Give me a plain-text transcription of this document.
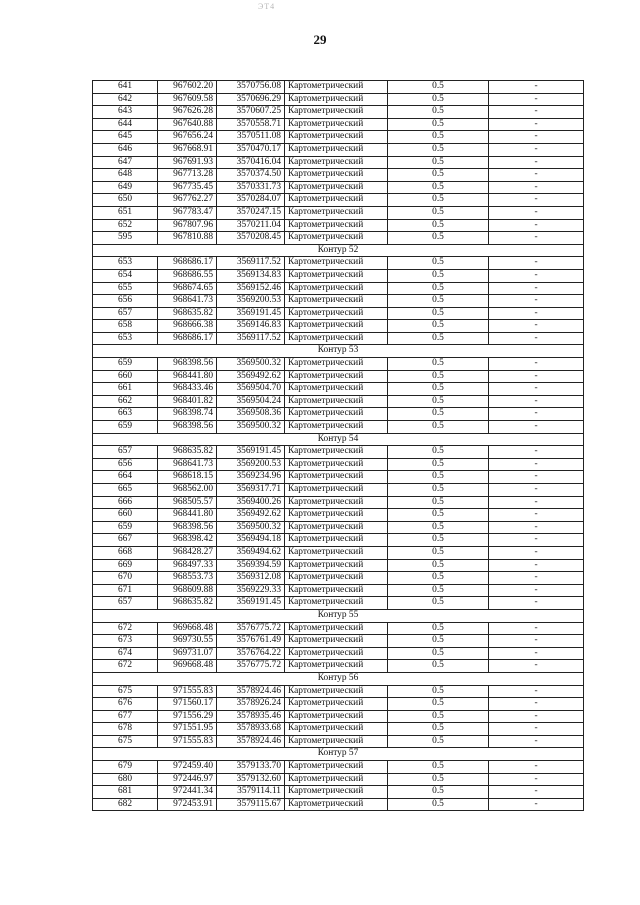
ЭТ4
29
641	967602.20	3570756.08	Картометрический	0.5	-
642	967609.58	3570696.29	Картометрический	0.5	-
643	967626.28	3570607.25	Картометрический	0.5	-
644	967640.88	3570558.71	Картометрический	0.5	-
645	967656.24	3570511.08	Картометрический	0.5	-
646	967668.91	3570470.17	Картометрический	0.5	-
647	967691.93	3570416.04	Картометрический	0.5	-
648	967713.28	3570374.50	Картометрический	0.5	-
649	967735.45	3570331.73	Картометрический	0.5	-
650	967762.27	3570284.07	Картометрический	0.5	-
651	967783.47	3570247.15	Картометрический	0.5	-
652	967807.96	3570211.04	Картометрический	0.5	-
595	967810.88	3570208.45	Картометрический	0.5	-
Контур 52					
653	968686.17	3569117.52	Картометрический	0.5	-
654	968686.55	3569134.83	Картометрический	0.5	-
655	968674.65	3569152.46	Картометрический	0.5	-
656	968641.73	3569200.53	Картометрический	0.5	-
657	968635.82	3569191.45	Картометрический	0.5	-
658	968666.38	3569146.83	Картометрический	0.5	-
653	968686.17	3569117.52	Картометрический	0.5	-
Контур 53					
659	968398.56	3569500.32	Картометрический	0.5	-
660	968441.80	3569492.62	Картометрический	0.5	-
661	968433.46	3569504.70	Картометрический	0.5	-
662	968401.82	3569504.24	Картометрический	0.5	-
663	968398.74	3569508.36	Картометрический	0.5	-
659	968398.56	3569500.32	Картометрический	0.5	-
Контур 54					
657	968635.82	3569191.45	Картометрический	0.5	-
656	968641.73	3569200.53	Картометрический	0.5	-
664	968618.15	3569234.96	Картометрический	0.5	-
665	968562.00	3569317.71	Картометрический	0.5	-
666	968505.57	3569400.26	Картометрический	0.5	-
660	968441.80	3569492.62	Картометрический	0.5	-
659	968398.56	3569500.32	Картометрический	0.5	-
667	968398.42	3569494.18	Картометрический	0.5	-
668	968428.27	3569494.62	Картометрический	0.5	-
669	968497.33	3569394.59	Картометрический	0.5	-
670	968553.73	3569312.08	Картометрический	0.5	-
671	968609.88	3569229.33	Картометрический	0.5	-
657	968635.82	3569191.45	Картометрический	0.5	-
Контур 55					
672	969668.48	3576775.72	Картометрический	0.5	-
673	969730.55	3576761.49	Картометрический	0.5	-
674	969731.07	3576764.22	Картометрический	0.5	-
672	969668.48	3576775.72	Картометрический	0.5	-
Контур 56					
675	971555.83	3578924.46	Картометрический	0.5	-
676	971560.17	3578926.24	Картометрический	0.5	-
677	971556.29	3578935.46	Картометрический	0.5	-
678	971551.95	3578933.68	Картометрический	0.5	-
675	971555.83	3578924.46	Картометрический	0.5	-
Контур 57					
679	972459.40	3579133.70	Картометрический	0.5	-
680	972446.97	3579132.60	Картометрический	0.5	-
681	972441.34	3579114.11	Картометрический	0.5	-
682	972453.91	3579115.67	Картометрический	0.5	-
